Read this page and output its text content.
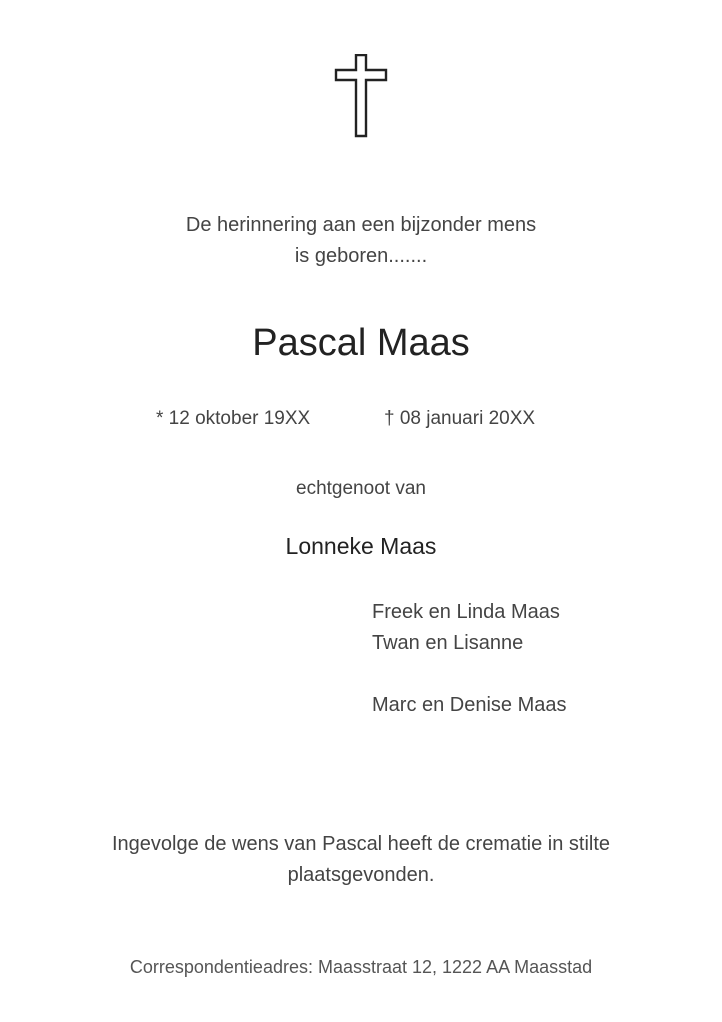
De herinnering aan een bijzonder mens
is geboren.......
Pascal Maas
* 12 oktober 19XX	† 08 januari 20XX
echtgenoot van
Lonneke Maas
Freek en Linda Maas
Twan en Lisanne
Marc en Denise Maas
Ingevolge de wens van Pascal heeft de crematie in stilte
plaatsgevonden.
Correspondentieadres: Maasstraat 12, 1222 AA Maasstad
